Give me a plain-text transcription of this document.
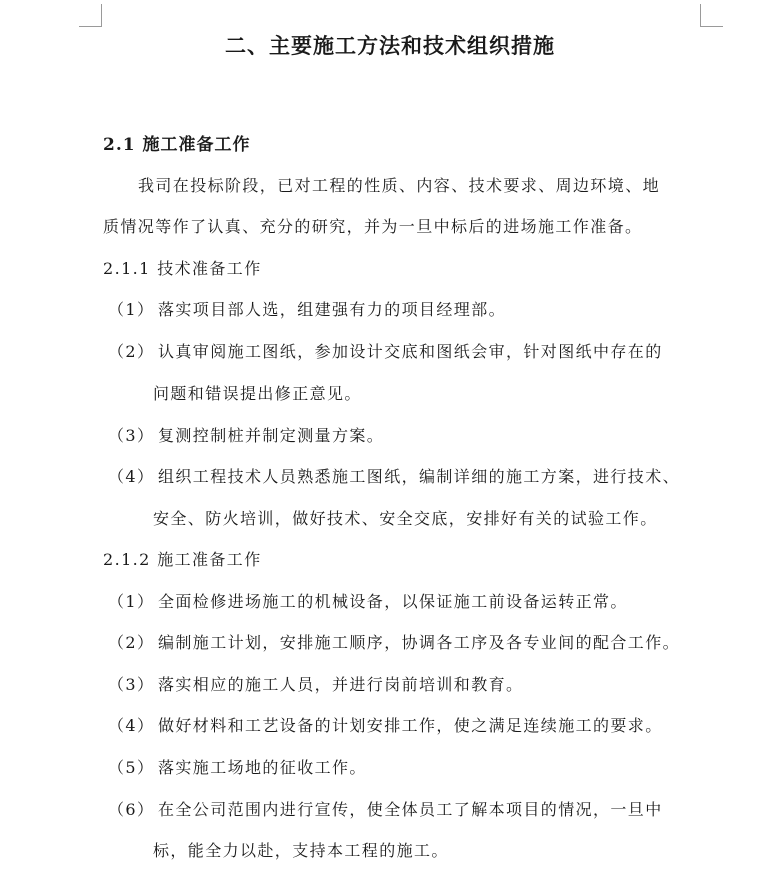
二、主要施工方法和技术组织措施

2.1 施工准备工作

我司在投标阶段，已对工程的性质、内容、技术要求、周边环境、地

质情况等作了认真、充分的研究，并为一旦中标后的进场施工作准备。

2.1.1 技术准备工作

（1） 落实项目部人选，组建强有力的项目经理部。

（2） 认真审阅施工图纸，参加设计交底和图纸会审，针对图纸中存在的

问题和错误提出修正意见。

（3） 复测控制桩并制定测量方案。

（4） 组织工程技术人员熟悉施工图纸，编制详细的施工方案，进行技术、

安全、防火培训，做好技术、安全交底，安排好有关的试验工作。

2.1.2 施工准备工作

（1） 全面检修进场施工的机械设备，以保证施工前设备运转正常。

（2） 编制施工计划，安排施工顺序，协调各工序及各专业间的配合工作。

（3） 落实相应的施工人员，并进行岗前培训和教育。

（4） 做好材料和工艺设备的计划安排工作，使之满足连续施工的要求。

（5） 落实施工场地的征收工作。

（6） 在全公司范围内进行宣传，使全体员工了解本项目的情况，一旦中

标，能全力以赴，支持本工程的施工。
